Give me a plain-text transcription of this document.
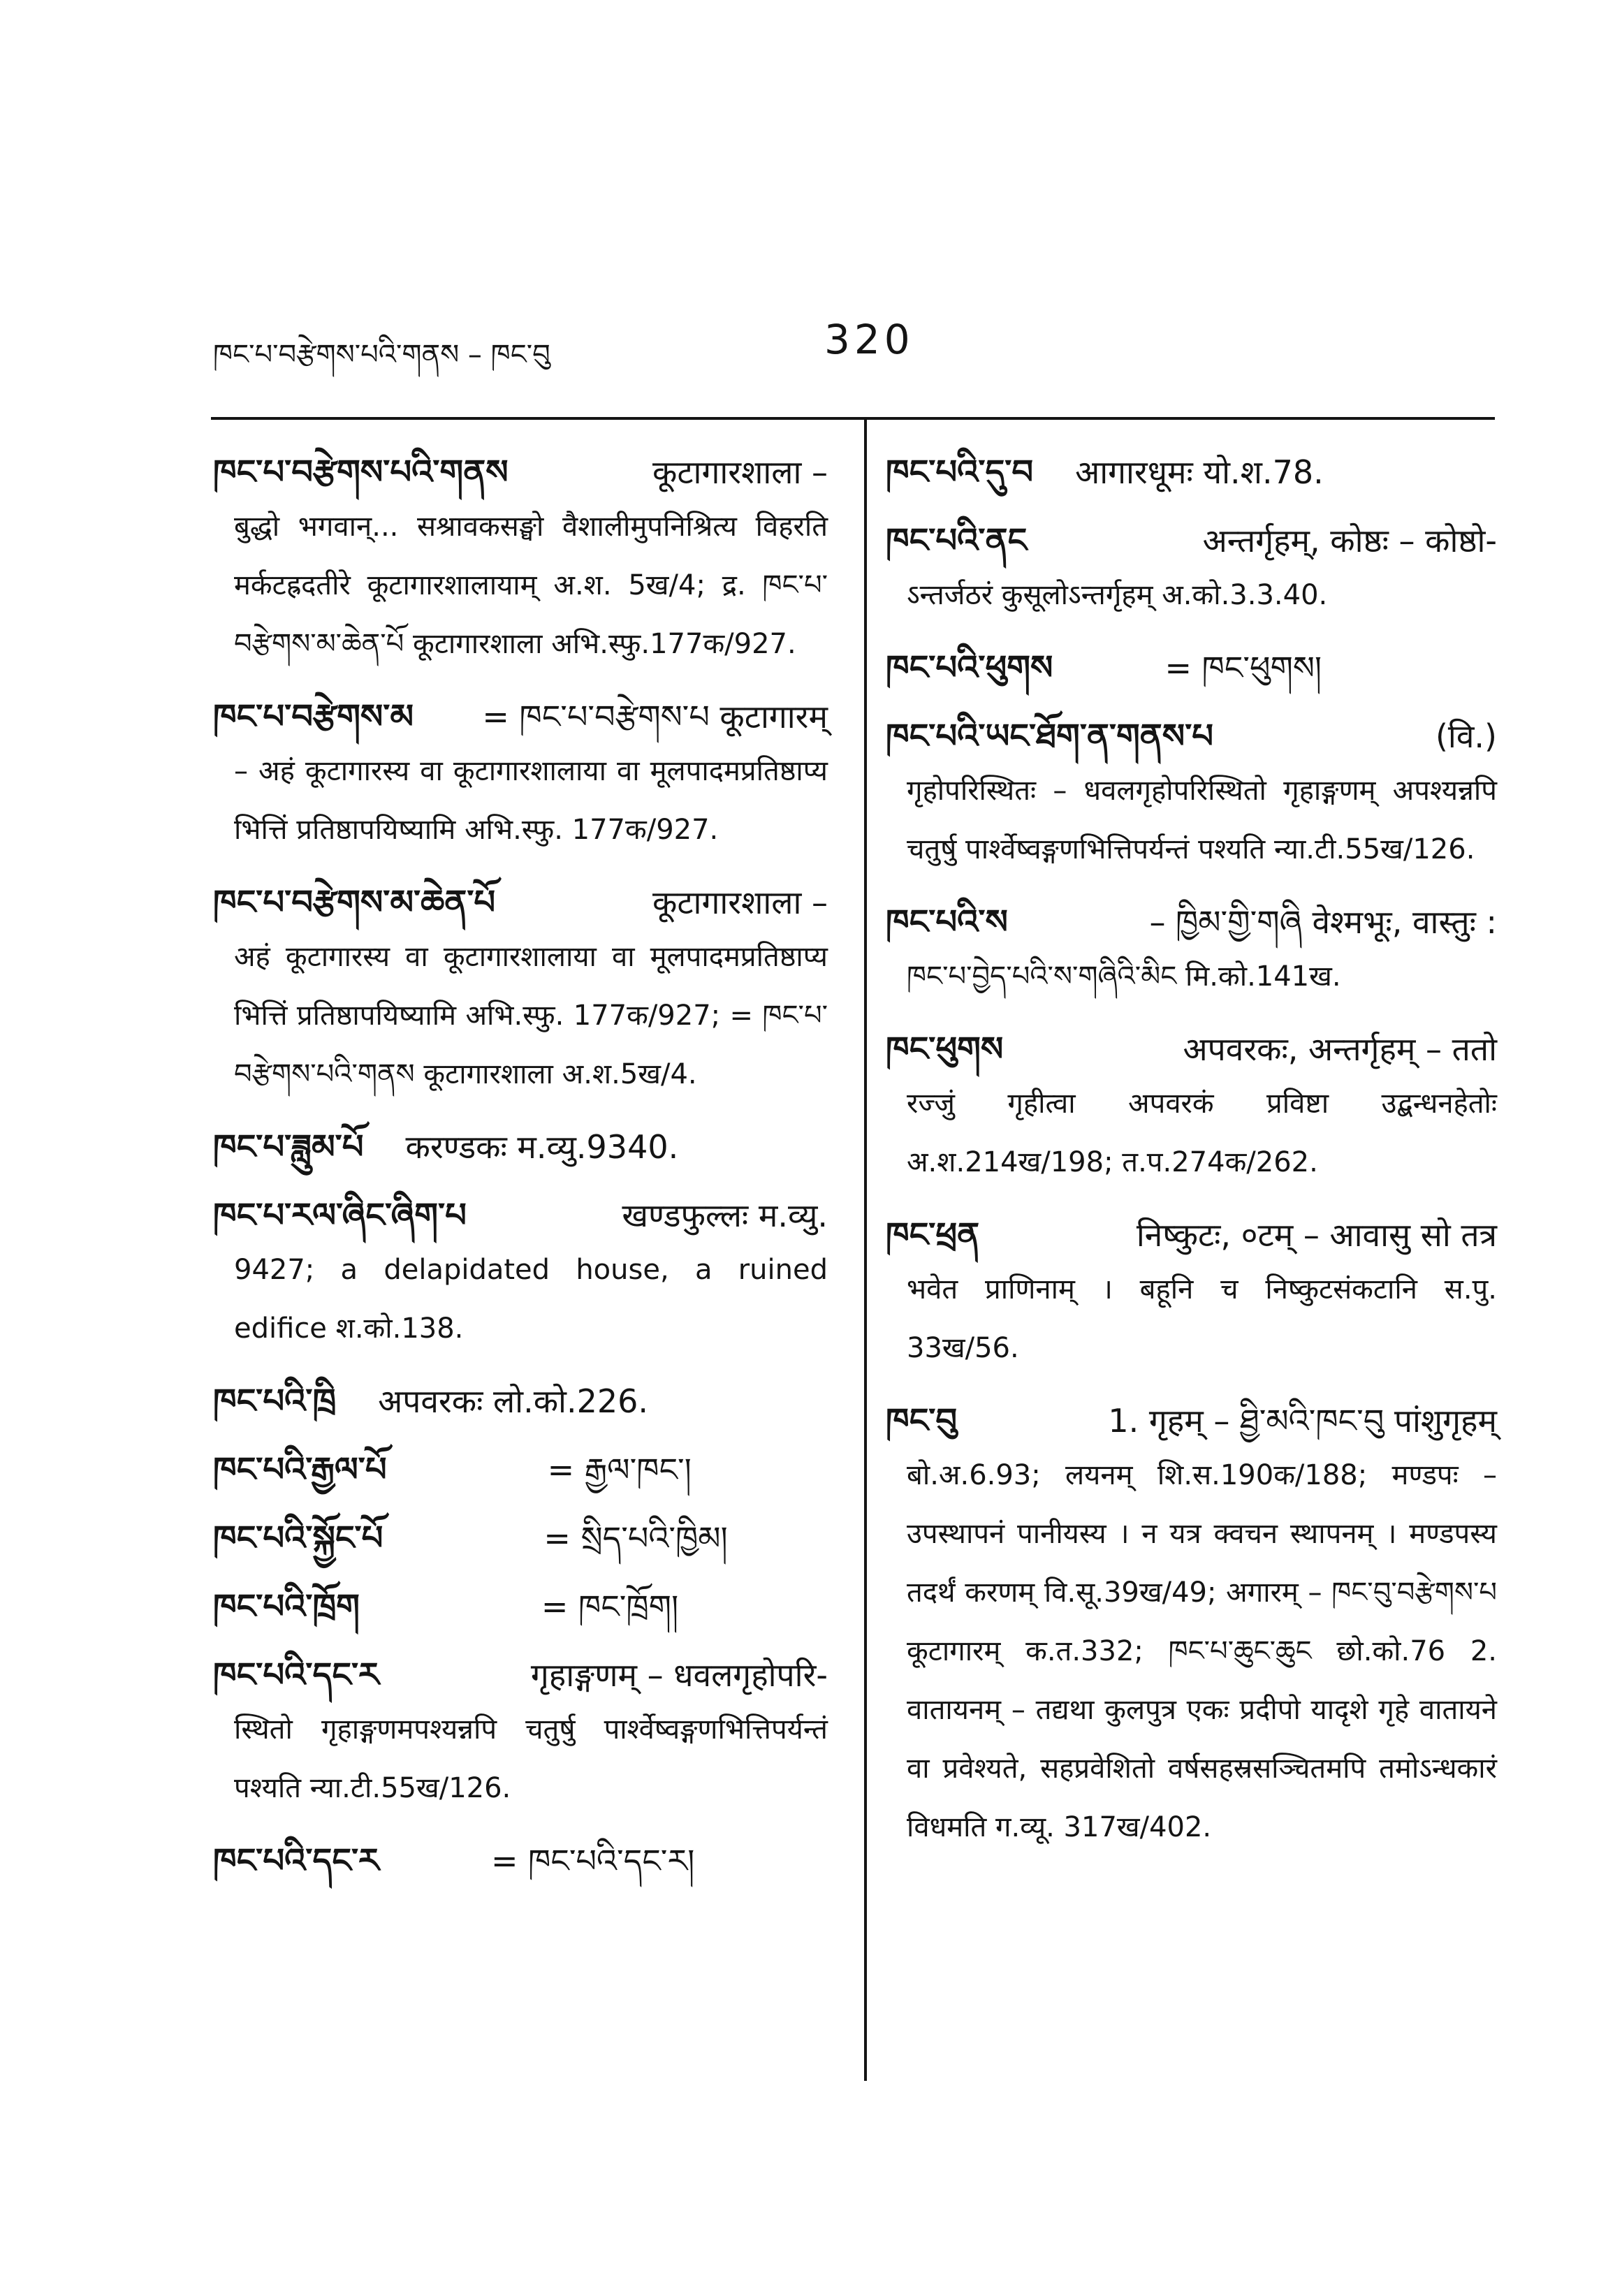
ཁང་པ་བརྩེགས་པའི་གནས – ཁང་བུ	320
ཁང་པ་བརྩེགས་པའི་གནས	कूटागारशाला –
बुद्धो भगवान्... सश्रावकसङ्घो वैशालीमुपनिश्रित्य विहरति मर्कटह्रदतीरे कूटागारशालायाम् अ.श. 5ख/4; द्र. ཁང་པ་བརྩེགས་མ་ཆེན་པོ कूटागारशाला अभि.स्फु.177क/927.
ཁང་པ་བརྩེགས་མ = ཁང་པ་བརྩེགས་པ कूटागारम्
– अहं कूटागारस्य वा कूटागारशालाया वा मूलपादमप्रतिष्ठाप्य भित्तिं प्रतिष्ठापयिष्यामि अभि.स्फु. 177क/927.
ཁང་པ་བརྩེགས་མ་ཆེན་པོ	कूटागारशाला –
अहं कूटागारस्य वा कूटागारशालाया वा मूलपादमप्रतिष्ठाप्य भित्तिं प्रतिष्ठापयिष्यामि अभि.स्फु. 177क/927; = ཁང་པ་བརྩེགས་པའི་གནས कूटागारशाला अ.श.5ख/4.
ཁང་པ་ཟླུམ་པོ करण्डकः म.व्यु.9340.
ཁང་པ་རལ་ཞིང་ཞིག་པ	खण्डफुल्लः म.व्यु.
9427; a delapidated house, a ruined edifice श.को.138.
ཁང་པའི་ཁྲི अपवरकः लो.को.226.
ཁང་པའི་རྒྱལ་པོ	= རྒྱལ་ཁང་།
ཁང་པའི་སྐྱོང་པོ	= སྲིད་པའི་ཁྱིམ།
ཁང་པའི་ཁྲོག	= ཁང་ཁྲོག།
ཁང་པའི་དང་ར	गृहाङ्गणम् – धवलगृहोपरि-
स्थितो गृहाङ्गणमपश्यन्नपि चतुर्षु पार्श्वेष्वङ्गणभित्तिपर्यन्तं पश्यति न्या.टी.55ख/126.
ཁང་པའི་དང་ར	= ཁང་པའི་དང་ར།
ཁང་པའི་དུ་བ आगारधूमः यो.श.78.
ཁང་པའི་ནང	अन्तर्गृहम्, कोष्ठः – कोष्ठो-
ऽन्तर्जठरं कुसूलोऽन्तर्गृहम् अ.को.3.3.40.
ཁང་པའི་ཕུགས	= ཁང་ཕུགས།
ཁང་པའི་ཡང་ཐོག་ན་གནས་པ	(वि.)
गृहोपरिस्थितः – धवलगृहोपरिस्थितो गृहाङ्गणम् अपश्यन्नपि चतुर्षु पार्श्वेष्वङ्गणभित्तिपर्यन्तं पश्यति न्या.टी.55ख/126.
ཁང་པའི་ས	– ཁྱིམ་གྱི་གཞི वेश्मभूः, वास्तुः :
ཁང་པ་བྱེད་པའི་ས་གཞིའི་མིང मि.को.141ख.
ཁང་ཕུགས	अपवरकः, अन्तर्गृहम् – ततो
रज्जुं गृहीत्वा अपवरकं प्रविष्टा उद्बन्धनहेतोः अ.श.214ख/198; त.प.274क/262.
ཁང་ཕྲན	निष्कुटः, ०टम् – आवासु सो तत्र
भवेत प्राणिनाम् । बहूनि च निष्कुटसंकटानि स.पु. 33ख/56.
ཁང་བུ	1. गृहम् – ཐྱི་མའི་ཁང་བུ पांशुगृहम्
बो.अ.6.93; लयनम् शि.स.190क/188; मण्डपः – उपस्थापनं पानीयस्य । न यत्र क्वचन स्थापनम् । मण्डपस्य तदर्थं करणम् वि.सू.39ख/49; अगारम् – ཁང་བུ་བརྩེགས་པ कूटागारम् क.त.332; ཁང་པ་ཆུང་ཆུང छो.को.76 2. वातायनम् – तद्यथा कुलपुत्र एकः प्रदीपो यादृशे गृहे वातायने वा प्रवेश्यते, सहप्रवेशितो वर्षसहस्रसञ्चितमपि तमोऽन्धकारं विधमति ग.व्यू. 317ख/402.
